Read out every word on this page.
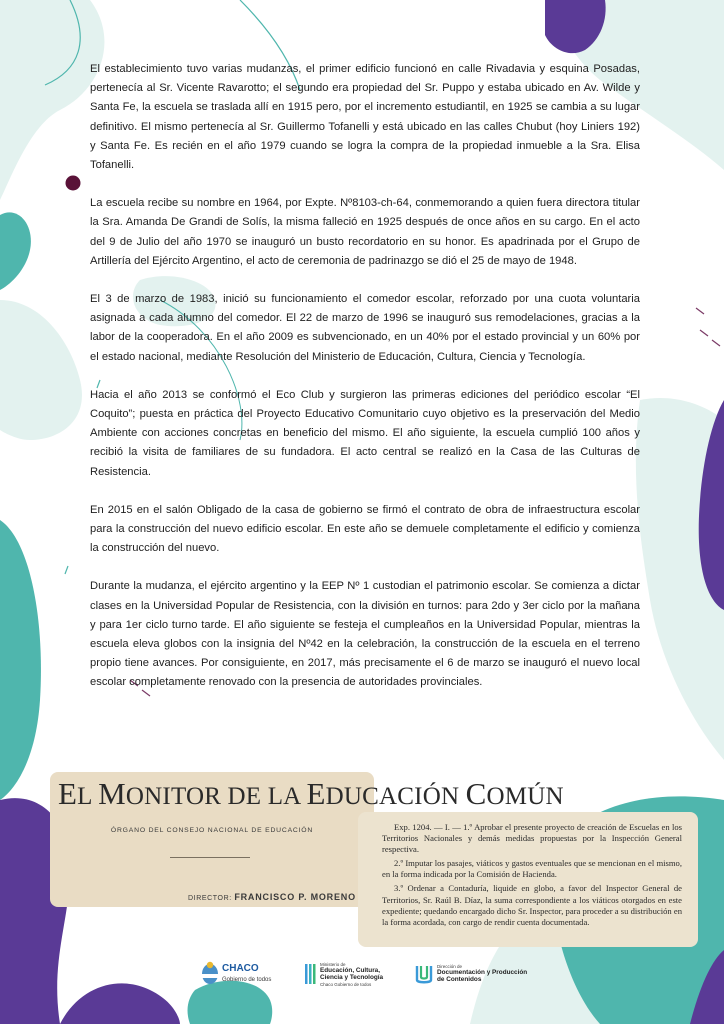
El establecimiento tuvo varias mudanzas, el primer edificio funcionó en calle Rivadavia y esquina Posadas, pertenecía al Sr. Vicente Ravarotto; el segundo era propiedad del Sr. Puppo y estaba ubicado en Av. Wilde y Santa Fe, la escuela se traslada allí en 1915 pero, por el incremento estudiantil, en 1925 se cambia a su lugar definitivo. El mismo pertenecía al Sr. Guillermo Tofanelli y está ubicado en las calles Chubut (hoy Liniers 192) y Santa Fe. Es recién en el año 1979 cuando se logra la compra de la propiedad inmueble a la Sra. Elisa Tofanelli.

La escuela recibe su nombre en 1964, por Expte. Nº8103-ch-64, conmemorando a quien fuera directora titular la Sra. Amanda De Grandi de Solís, la misma falleció en 1925 después de once años en su cargo. En el acto del 9 de Julio del año 1970 se inauguró un busto recordatorio en su honor. Es apadrinada por el Grupo de Artillería del Ejército Argentino, el acto de ceremonia de padrinazgo se dió el 25 de mayo de 1948.

El 3 de marzo de 1983, inició su funcionamiento el comedor escolar, reforzado por una cuota voluntaria asignada a cada alumno del comedor. El 22 de marzo de 1996 se inauguró sus remodelaciones, gracias a la labor de la cooperadora. En el año 2009 es subvencionado, en un 40% por el estado provincial y un 60% por el estado nacional, mediante Resolución del Ministerio de Educación, Cultura, Ciencia y Tecnología.

Hacia el año 2013 se conformó el Eco Club y surgieron las primeras ediciones del periódico escolar “El Coquito”; puesta en práctica del Proyecto Educativo Comunitario cuyo objetivo es la preservación del Medio Ambiente con acciones concretas en beneficio del mismo. El año siguiente, la escuela cumplió 100 años y recibió la visita de familiares de su fundadora. El acto central se realizó en la Casa de las Culturas de Resistencia.

En 2015 en el salón Obligado de la casa de gobierno se firmó el contrato de obra de infraestructura escolar para la construcción del nuevo edificio escolar. En este año se demuele completamente el edificio y comienza la construcción del nuevo.

Durante la mudanza, el ejército argentino y la EEP Nº 1 custodian el patrimonio escolar. Se comienza a dictar clases en la Universidad Popular de Resistencia, con la división en turnos: para 2do y 3er ciclo por la mañana y para 1er ciclo turno tarde. El año siguiente se festeja el cumpleaños en la Universidad Popular, mientras la escuela eleva globos con la insignia del Nº42 en la celebración, la construcción de la escuela en el terreno propio tiene avances. Por consiguiente, en 2017, más precisamente el 6 de marzo se inauguró el nuevo local escolar completamente renovado con la presencia de autoridades provinciales.

EL MONITOR DE LA EDUCACIÓN COMÚN
ÓRGANO DEL CONSEJO NACIONAL DE EDUCACIÓN
DIRECTOR: FRANCISCO P. MORENO

Exp. 1204. — I. — 1.º Aprobar el presente proyecto de creación de Escuelas en los Territorios Nacionales y demás medidas propuestas por la Inspección General respectiva.

2.º Imputar los pasajes, viáticos y gastos eventuales que se mencionan en el mismo, en la forma indicada por la Comisión de Hacienda.

3.º Ordenar a Contaduría, liquide en globo, a favor del Inspector General de Territorios, Sr. Raúl B. Díaz, la suma correspondiente a los viáticos otorgados en este expediente; quedando encargado dicho Sr. Inspector, para proceder a su distribución en la forma acordada, con cargo de rendir cuenta documentada.

CHACO
Gobierno de todos
Ministerio de
Educación, Cultura,
Ciencia y Tecnología
Chaco Gobierno de todos
Dirección de
Documentación y Producción
de Contenidos
